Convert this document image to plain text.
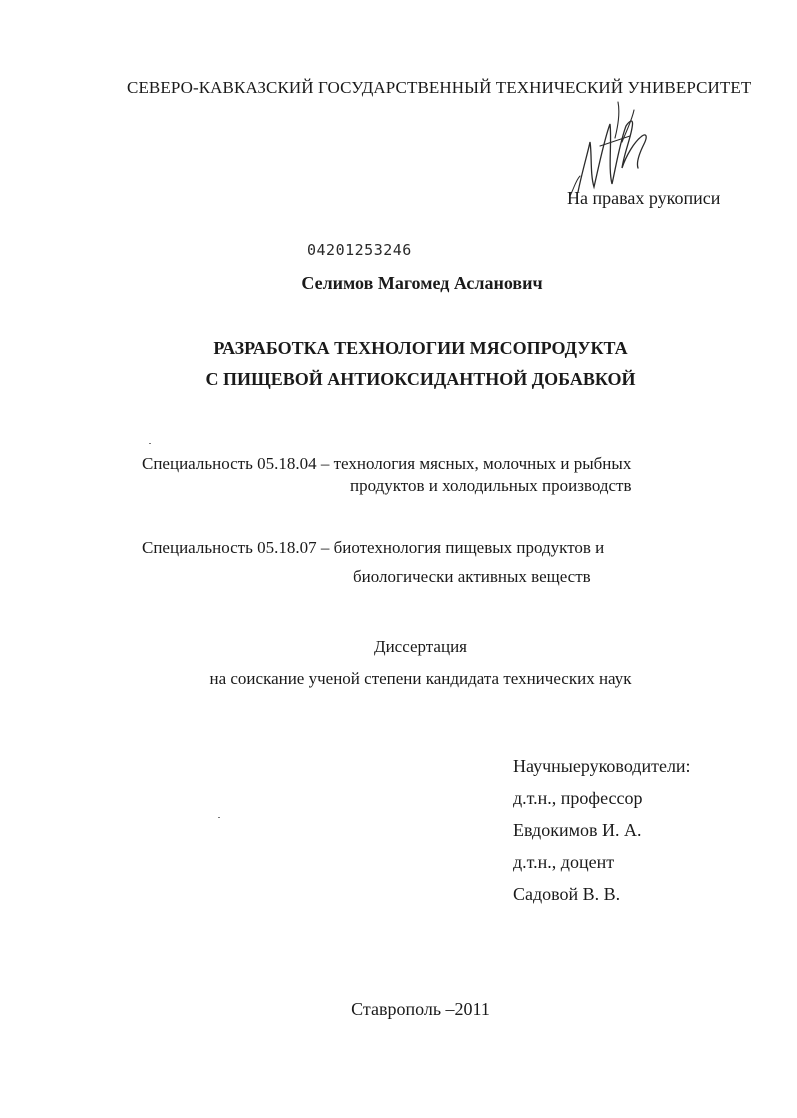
СЕВЕРО-КАВКАЗСКИЙ ГОСУДАРСТВЕННЫЙ ТЕХНИЧЕСКИЙ УНИВЕРСИТЕТ
На правах рукописи
04201253246
Селимов Магомед Асланович
РАЗРАБОТКА ТЕХНОЛОГИИ МЯСОПРОДУКТА
С ПИЩЕВОЙ АНТИОКСИДАНТНОЙ ДОБАВКОЙ
Специальность 05.18.04 – технология мясных, молочных и рыбных
продуктов и холодильных производств
Специальность 05.18.07 – биотехнология пищевых продуктов и
биологически активных веществ
Диссертация
на соискание ученой степени кандидата технических наук
Научныеруководители:
д.т.н., профессор
Евдокимов И. А.
д.т.н., доцент
Садовой В. В.
Ставрополь –2011
